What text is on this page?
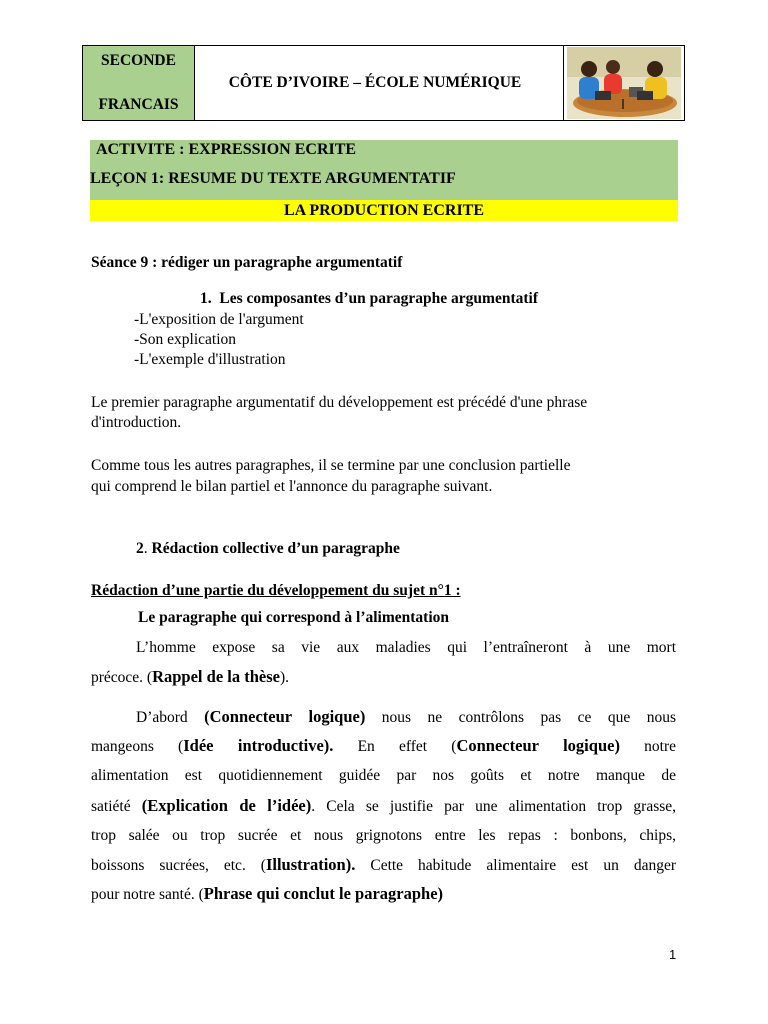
SECONDE
FRANCAIS
CÔTE D’IVOIRE – ÉCOLE NUMÉRIQUE
ACTIVITE : EXPRESSION ECRITE
LEÇON 1: RESUME DU TEXTE ARGUMENTATIF
LA PRODUCTION ECRITE
Séance 9 : rédiger un paragraphe argumentatif
1. Les composantes d’un paragraphe argumentatif
-L'exposition de l'argument
-Son explication
-L'exemple d'illustration
Le premier paragraphe argumentatif du développement est précédé d'une phrase
d'introduction.
Comme tous les autres paragraphes, il se termine par une conclusion partielle
qui comprend le bilan partiel et l'annonce du paragraphe suivant.
2. Rédaction collective d’un paragraphe
Rédaction d’une partie du développement du sujet n°1 :
Le paragraphe qui correspond à l’alimentation
L’homme expose sa vie aux maladies qui l’entraîneront à une mort
précoce. (Rappel de la thèse).
D’abord (Connecteur logique) nous ne contrôlons pas ce que nous
mangeons (Idée introductive). En effet (Connecteur logique) notre
alimentation est quotidiennement guidée par nos goûts et notre manque de
satiété (Explication de l’idée). Cela se justifie par une alimentation trop grasse,
trop salée ou trop sucrée et nous grignotons entre les repas : bonbons, chips,
boissons sucrées, etc. (Illustration). Cette habitude alimentaire est un danger
pour notre santé. (Phrase qui conclut le paragraphe)
1
